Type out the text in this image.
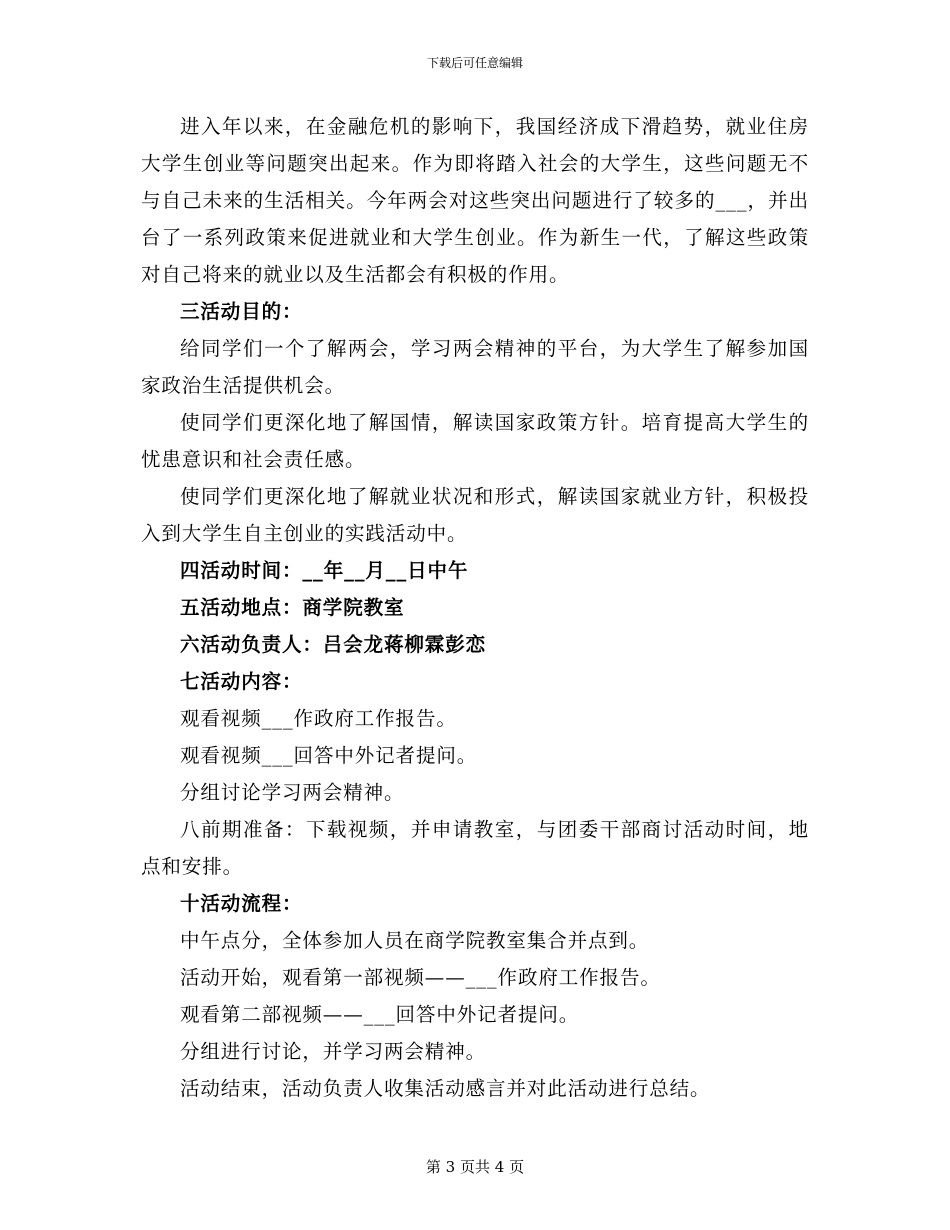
下载后可任意编辑

进入年以来，在金融危机的影响下，我国经济成下滑趋势，就业住房大学生创业等问题突出起来。作为即将踏入社会的大学生，这些问题无不与自己未来的生活相关。今年两会对这些突出问题进行了较多的___，并出台了一系列政策来促进就业和大学生创业。作为新生一代，了解这些政策对自己将来的就业以及生活都会有积极的作用。

三活动目的：

给同学们一个了解两会，学习两会精神的平台，为大学生了解参加国家政治生活提供机会。

使同学们更深化地了解国情，解读国家政策方针。培育提高大学生的忧患意识和社会责任感。

使同学们更深化地了解就业状况和形式，解读国家就业方针，积极投入到大学生自主创业的实践活动中。

四活动时间：__年__月__日中午

五活动地点：商学院教室

六活动负责人：吕会龙蒋柳霖彭恋

七活动内容：

观看视频___作政府工作报告。

观看视频___回答中外记者提问。

分组讨论学习两会精神。

八前期准备：下载视频，并申请教室，与团委干部商讨活动时间，地点和安排。

十活动流程：

中午点分，全体参加人员在商学院教室集合并点到。

活动开始，观看第一部视频——___作政府工作报告。

观看第二部视频——___回答中外记者提问。

分组进行讨论，并学习两会精神。

活动结束，活动负责人收集活动感言并对此活动进行总结。

第 3 页共 4 页
